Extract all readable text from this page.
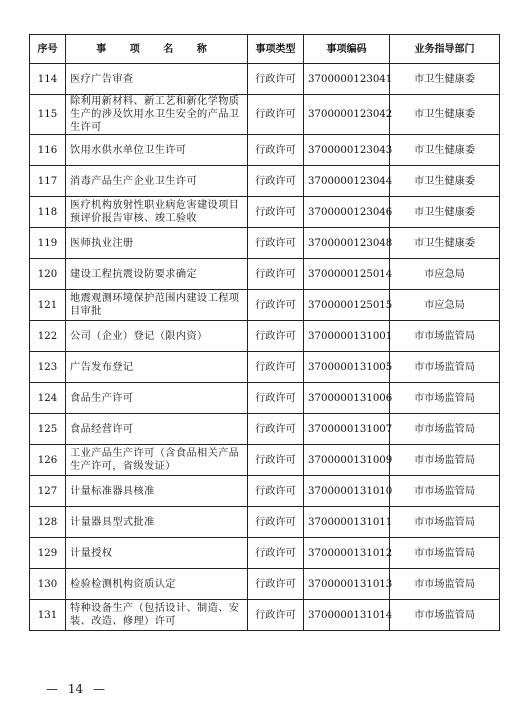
序号	事 项 名 称	事项类型	事项编码	业务指导部门
114	医疗广告审查	行政许可	3700000123041	市卫生健康委
115	除利用新材料、新工艺和新化学物质生产的涉及饮用水卫生安全的产品卫生许可	行政许可	3700000123042	市卫生健康委
116	饮用水供水单位卫生许可	行政许可	3700000123043	市卫生健康委
117	消毒产品生产企业卫生许可	行政许可	3700000123044	市卫生健康委
118	医疗机构放射性职业病危害建设项目预评价报告审核、竣工验收	行政许可	3700000123046	市卫生健康委
119	医师执业注册	行政许可	3700000123048	市卫生健康委
120	建设工程抗震设防要求确定	行政许可	3700000125014	市应急局
121	地震观测环境保护范围内建设工程项目审批	行政许可	3700000125015	市应急局
122	公司（企业）登记（限内资）	行政许可	3700000131001	市市场监管局
123	广告发布登记	行政许可	3700000131005	市市场监管局
124	食品生产许可	行政许可	3700000131006	市市场监管局
125	食品经营许可	行政许可	3700000131007	市市场监管局
126	工业产品生产许可（含食品相关产品生产许可，省级发证）	行政许可	3700000131009	市市场监管局
127	计量标准器具核准	行政许可	3700000131010	市市场监管局
128	计量器具型式批准	行政许可	3700000131011	市市场监管局
129	计量授权	行政许可	3700000131012	市市场监管局
130	检验检测机构资质认定	行政许可	3700000131013	市市场监管局
131	特种设备生产（包括设计、制造、安装、改造、修理）许可	行政许可	3700000131014	市市场监管局
— 14 —
